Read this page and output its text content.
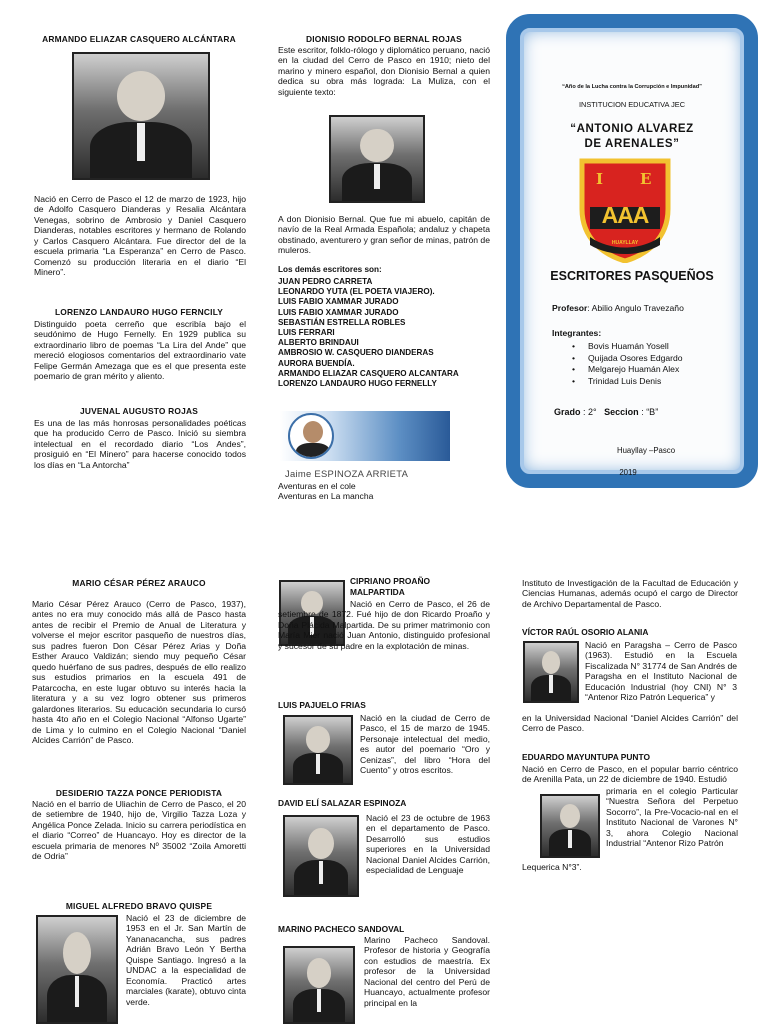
ARMANDO ELIAZAR CASQUERO ALCÁNTARA
Nació en Cerro de Pasco el 12 de marzo de 1923, hijo de Adolfo Casquero Dianderas y Resalia Alcántara Venegas, sobrino de Ambrosio y Daniel Casquero Dianderas, notables escritores y hermano de Rolando y Carlos Casquero Alcántara. Fue director del de la escuela primaria “La Esperanza” en Cerro de Pasco. Comenzó su producción literaria en el diario “El Minero”.
LORENZO LANDAURO HUGO FERNCILY
Distinguido poeta cerreño que escribía bajo el seudónimo de Hugo Fernelly. En 1929 publica su extraordinario libro de poemas “La Lira del Ande” que mereció elogiosos comentarios del extraordinario vate Felipe Germán Amezaga que es el que presenta este poemario de gran mérito y aliento.
JUVENAL AUGUSTO ROJAS
Es una de las más honrosas personalidades poéticas que ha producido Cerro de Pasco. Inició su siembra intelectual en el recordado diario “Los Andes”, prosiguió en “El Minero” para hacerse conocido todos los días en “La Antorcha”
DIONISIO RODOLFO BERNAL ROJAS
Este escritor, folklo-rólogo y diplomático peruano, nació en la ciudad del Cerro de Pasco en 1910; nieto del marino y minero español, don Dionisio Bernal a quien dedica su obra más lograda: La Muliza, con el siguiente texto:
A don Dionisio Bernal. Que fue mi abuelo, capitán de navío de la Real Armada Española; andaluz y chapeta obstinado, aventurero y gran señor de minas, patrón de muleros.
Los demás escritores son:
JUAN PEDRO CARRETA
LEONARDO YUTA (EL POETA VIAJERO).
LUIS FABIO XAMMAR JURADO
LUIS FABIO XAMMAR JURADO
SEBASTIÁN ESTRELLA ROBLES
LUIS FERRARI
ALBERTO BRINDAUI
AMBROSIO W. CASQUERO DIANDERAS
AURORA BUENDÍA.
ARMANDO ELIAZAR CASQUERO ALCANTARA
LORENZO LANDAURO HUGO FERNELLY
Jaime ESPINOZA ARRIETA
Aventuras en el cole
Aventuras en La mancha
“Año de la Lucha contra la Corrupción e Impunidad”
INSTITUCION EDUCATIVA JEC
“ANTONIO ALVAREZ
DE ARENALES”
I E
AAA
HUAYLLAY
ESCRITORES PASQUEÑOS
Profesor: Abilio Angulo Travezaño
Integrantes:
• Bovis Huamán Yosell
• Quijada Osores Edgardo
• Melgarejo Huamán Alex
• Trinidad Luis Denis
Grado : 2° Seccion : “B”
Huayllay –Pasco
2019
MARIO CÉSAR PÉREZ ARAUCO
Mario César Pérez Arauco (Cerro de Pasco, 1937), antes no era muy conocido más allá de Pasco hasta antes de recibir el Premio de Anual de Literatura y volverse el mejor escritor pasqueño de nuestros días, sus padres fueron Don César Pérez Arias y Doña Esther Arauco Valdizán; siendo muy pequeño César quedo huérfano de sus padres, después de ello realizo sus estudios primarios en la escuela 491 de Patarcocha, en este lugar obtuvo su interés hacia la literatura y a su vez logro obtener sus primeros galardones literarios. Su educación secundaria lo cursó hasta 4to año en el Colegio Nacional “Alfonso Ugarte” de Lima y lo culmino en el Colegio Nacional “Daniel Alcides Carrión” de Pasco.
DESIDERIO TAZZA PONCE PERIODISTA
Nació en el barrio de Uliachin de Cerro de Pasco, el 20 de setiembre de 1940, hijo de, Virgilio Tazza Loza y Angélica Ponce Zelada. Inicio su carrera periodística en el diario “Correo” de Huancayo. Hoy es director de la escuela primaria de menores Nº 35002 “Zoila Amoretti de Odria”
MIGUEL ALFREDO BRAVO QUISPE
Nació el 23 de diciembre de 1953 en el Jr. San Martín de Yananacancha, sus padres Adrián Bravo León Y Bertha Quispe Santiago. Ingresó a la UNDAC a la especialidad de Economía. Practicó artes marciales (karate), obtuvo cinta verde.
CIPRIANO PROAÑO
MALPARTIDA
Nació en Cerro de Pasco, el 26 de setiembre de 1872. Fué hijo de don Ricardo Proaño y Doña Plácida Malpartida. De su primer matrimonio con María Mier nació Juan Antonio, distinguido profesional y sucesor de su padre en la explotación de minas.
LUIS PAJUELO FRIAS
Nació en la ciudad de Cerro de Pasco, el 15 de marzo de 1945. Personaje intelectual del medio, es autor del poemario “Oro y Cenizas”, del libro “Hora del Cuento” y otros escritos.
DAVID ELÍ SALAZAR ESPINOZA
Nació el 23 de octubre de 1963 en el departamento de Pasco. Desarrolló sus estudios superiores en la Universidad Nacional Daniel Alcides Carrión, especialidad de Lenguaje
MARINO PACHECO SANDOVAL
Marino Pacheco Sandoval. Profesor de historia y Geografía con estudios de maestría. Ex profesor de la Universidad Nacional del centro del Perú de Huancayo, actualmente profesor principal en la
Instituto de Investigación de la Facultad de Educación y Ciencias Humanas, además ocupó el cargo de Director de Archivo Departamental de Pasco.
VÍCTOR RAÚL OSORIO ALANIA
Nació en Paragsha – Cerro de Pasco (1963). Estudió en la Escuela Fiscalizada N° 31774 de San Andrés de Paragsha en el Instituto Nacional de Educación Industrial (hoy CNI) N° 3 “Antenor Rizo Patrón Lequerica” y
en la Universidad Nacional “Daniel Alcides Carrión” del Cerro de Pasco.
EDUARDO MAYUNTUPA PUNTO
Nació en Cerro de Pasco, en el popular barrio céntrico de Arenilla Pata, un 22 de diciembre de 1940. Estudió
primaria en el colegio Particular “Nuestra Señora del Perpetuo Socorro”, la Pre-Vocacio-nal en el Instituto Nacional de Varones N° 3, ahora Colegio Nacional Industrial “Antenor Rizo Patrón
Lequerica N°3”.
